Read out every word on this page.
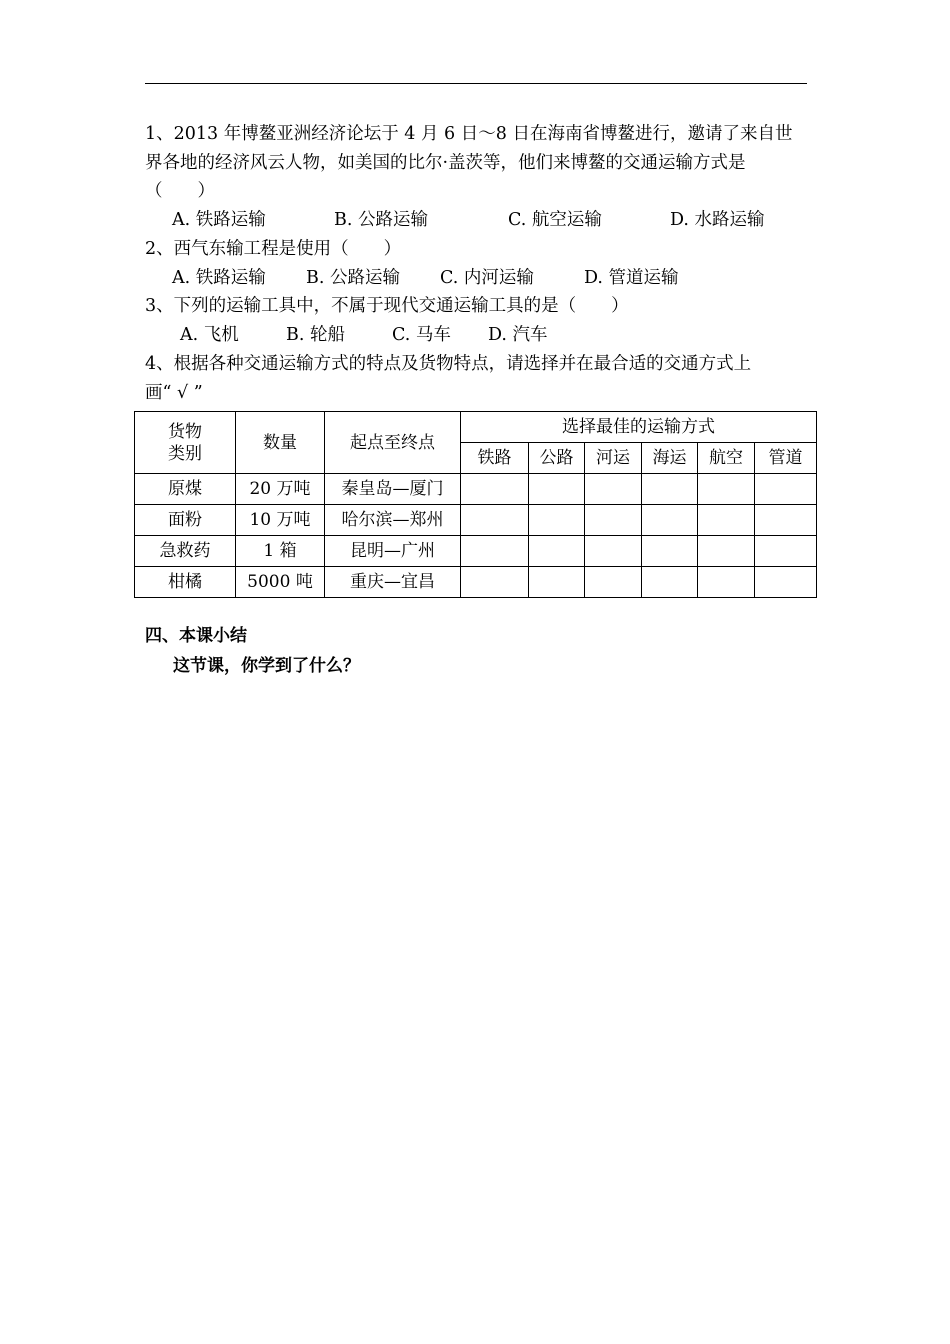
1、2013 年博鳌亚洲经济论坛于 4 月 6 日～8 日在海南省博鳌进行，邀请了来自世
界各地的经济风云人物，如美国的比尔·盖茨等，他们来博鳌的交通运输方式是
（　　）
A. 铁路运输	B. 公路运输	C. 航空运输	D. 水路运输
2、西气东输工程是使用（　　）
A. 铁路运输 B. 公路运输 C. 内河运输	D. 管道运输
3、下列的运输工具中，不属于现代交通运输工具的是（　　）
A. 飞机	B. 轮船	C. 马车 D. 汽车
4、根据各种交通运输方式的特点及货物特点，请选择并在最合适的交通方式上
画“ √ ”
货物
类别	数量	起点至终点	选择最佳的运输方式					
			铁路	公路	河运	海运	航空	管道
原煤	20 万吨	秦皇岛—厦门						
面粉	10 万吨	哈尔滨—郑州						
急救药	1 箱	昆明—广州						
柑橘	5000 吨	重庆—宜昌						
四、本课小结
这节课，你学到了什么？
